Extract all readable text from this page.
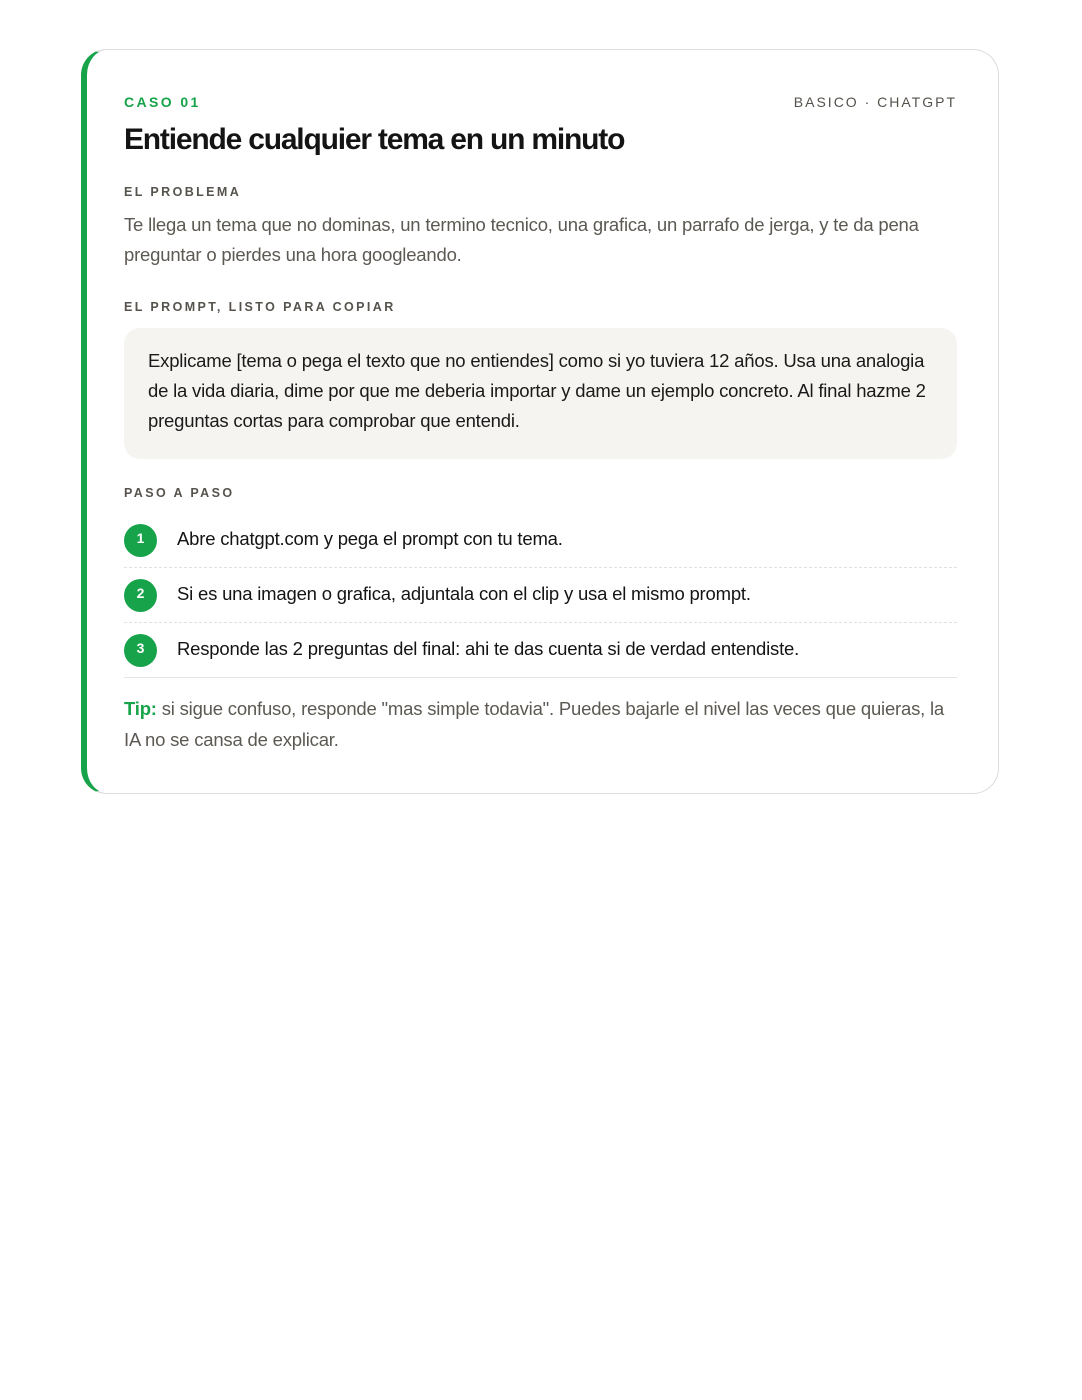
CASO 01	BASICO · CHATGPT
Entiende cualquier tema en un minuto
EL PROBLEMA

Te llega un tema que no dominas, un termino tecnico, una grafica, un parrafo de jerga, y te da pena preguntar o pierdes una hora googleando.

EL PROMPT, LISTO PARA COPIAR

Explicame [tema o pega el texto que no entiendes] como si yo tuviera 12 años. Usa una analogia de la vida diaria, dime por que me deberia importar y dame un ejemplo concreto. Al final hazme 2 preguntas cortas para comprobar que entendi.

PASO A PASO
1	Abre chatgpt.com y pega el prompt con tu tema.
2	Si es una imagen o grafica, adjuntala con el clip y usa el mismo prompt.
3	Responde las 2 preguntas del final: ahi te das cuenta si de verdad entendiste.

Tip: si sigue confuso, responde "mas simple todavia". Puedes bajarle el nivel las veces que quieras, la IA no se cansa de explicar.
